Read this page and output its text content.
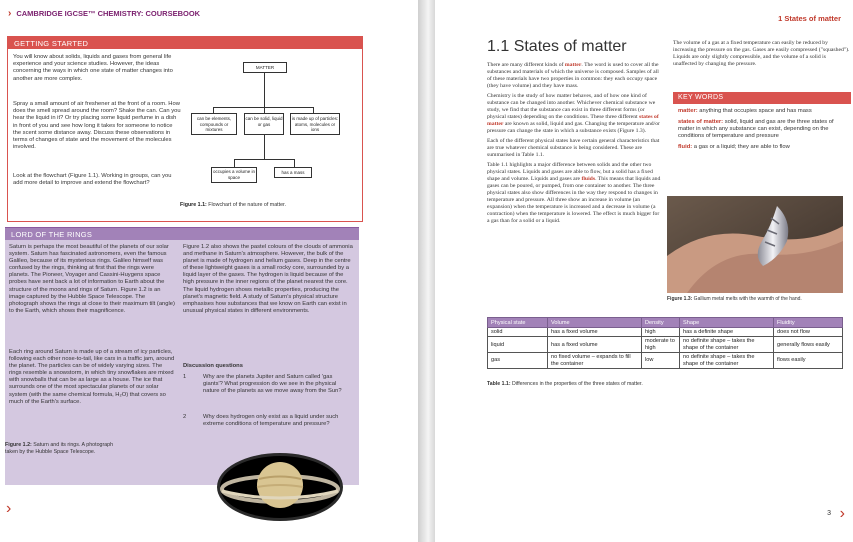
› CAMBRIDGE IGCSE™ CHEMISTRY: COURSEBOOK
GETTING STARTED
You will know about solids, liquids and gases from general life experience and your science studies. However, the ideas concerning the ways in which one state of matter changes into another are more complex.
Spray a small amount of air freshener at the front of a room. How does the smell spread around the room? Shake the can. Can you hear the liquid in it? Or try placing some liquid perfume in a dish in front of you and see how long it takes for someone to notice the scent some distance away. Discuss these observations in terms of changes of state and the movement of the molecules involved.
Look at the flowchart (Figure 1.1). Working in groups, can you add more detail to improve and extend the flowchart?
MATTER
can be elements, compounds or mixtures
can be solid, liquid or gas
is made up of particles: atoms, molecules or ions
occupies a volume in space
has a mass
Figure 1.1: Flowchart of the nature of matter.
LORD OF THE RINGS
Saturn is perhaps the most beautiful of the planets of our solar system. Saturn has fascinated astronomers, even the famous Galileo, because of its mysterious rings. Galileo himself was confused by the rings, thinking at first that the rings were planets. The Pioneer, Voyager and Cassini-Huygens space probes have sent back a lot of information to Earth about the structure of the moons and rings of Saturn. Figure 1.2 is an image captured by the Hubble Space Telescope. The photograph shows the rings at close to their maximum tilt (angle) to the Earth, which shows their magnificence.
Each ring around Saturn is made up of a stream of icy particles, following each other nose-to-tail, like cars in a traffic jam, around the planet. The particles can be of widely varying sizes. The rings resemble a snowstorm, in which tiny snowflakes are mixed with snowballs that can be as large as a house. The ice that surrounds one of the most spectacular planets of our solar system (with the same chemical formula, H₂O) that covers so much of the Earth's surface.
Figure 1.2 also shows the pastel colours of the clouds of ammonia and methane in Saturn's atmosphere. However, the bulk of the planet is made of hydrogen and helium gases. Deep in the centre of these lightweight gases is a small rocky core, surrounded by a liquid layer of the gases. The hydrogen is liquid because of the high pressure in the inner regions of the planet nearest the core. The liquid hydrogen shows metallic properties, producing the planet's magnetic field. A study of Saturn's physical structure emphasises how substances that we know on Earth can exist in unusual physical states in different environments.
Discussion questions
1	Why are the planets Jupiter and Saturn called 'gas giants'? What progression do we see in the physical nature of the planets as we move away from the Sun?
2	Why does hydrogen only exist as a liquid under such extreme conditions of temperature and pressure?
Figure 1.2: Saturn and its rings. A photograph taken by the Hubble Space Telescope.
›
1 States of matter
1.1 States of matter

There are many different kinds of matter. The word is used to cover all the substances and materials of which the universe is composed. Samples of all of these materials have two properties in common: they each occupy space (they have volume) and they have mass.

Chemistry is the study of how matter behaves, and of how one kind of substance can be changed into another. Whichever chemical substance we study, we find that the substance can exist in three different forms (or physical states) depending on the conditions. These three different states of matter are known as solid, liquid and gas. Changing the temperature and/or pressure can change the state in which a substance exists (Figure 1.3).

Each of the different physical states have certain general characteristics that are true whatever chemical substance is being considered. These are summarised in Table 1.1.

Table 1.1 highlights a major difference between solids and the other two physical states. Liquids and gases are able to flow, but a solid has a fixed shape and volume. Liquids and gases are fluids. This means that liquids and gases can be poured, or pumped, from one container to another. The three physical states also show differences in the way they respond to changes in temperature and pressure. All three show an increase in volume (an expansion) when the temperature is increased and a decrease in volume (a contraction) when the temperature is lowered. The effect is much bigger for a gas than for a solid or a liquid.

The volume of a gas at a fixed temperature can easily be reduced by increasing the pressure on the gas. Gases are easily compressed ("squashed"). Liquids are only slightly compressible, and the volume of a solid is unaffected by changing the pressure.

KEY WORDS
matter: anything that occupies space and has mass
states of matter: solid, liquid and gas are the three states of matter in which any substance can exist, depending on the conditions of temperature and pressure
fluid: a gas or a liquid; they are able to flow
Figure 1.3: Gallium metal melts with the warmth of the hand.
Physical state	Volume	Density	Shape	Fluidity
solid	has a fixed volume	high	has a definite shape	does not flow
liquid	has a fixed volume	moderate to high	no definite shape – takes the shape of the container	generally flows easily
gas	no fixed volume – expands to fill the container	low	no definite shape – takes the shape of the container	flows easily
Table 1.1: Differences in the properties of the three states of matter.
3 ›
